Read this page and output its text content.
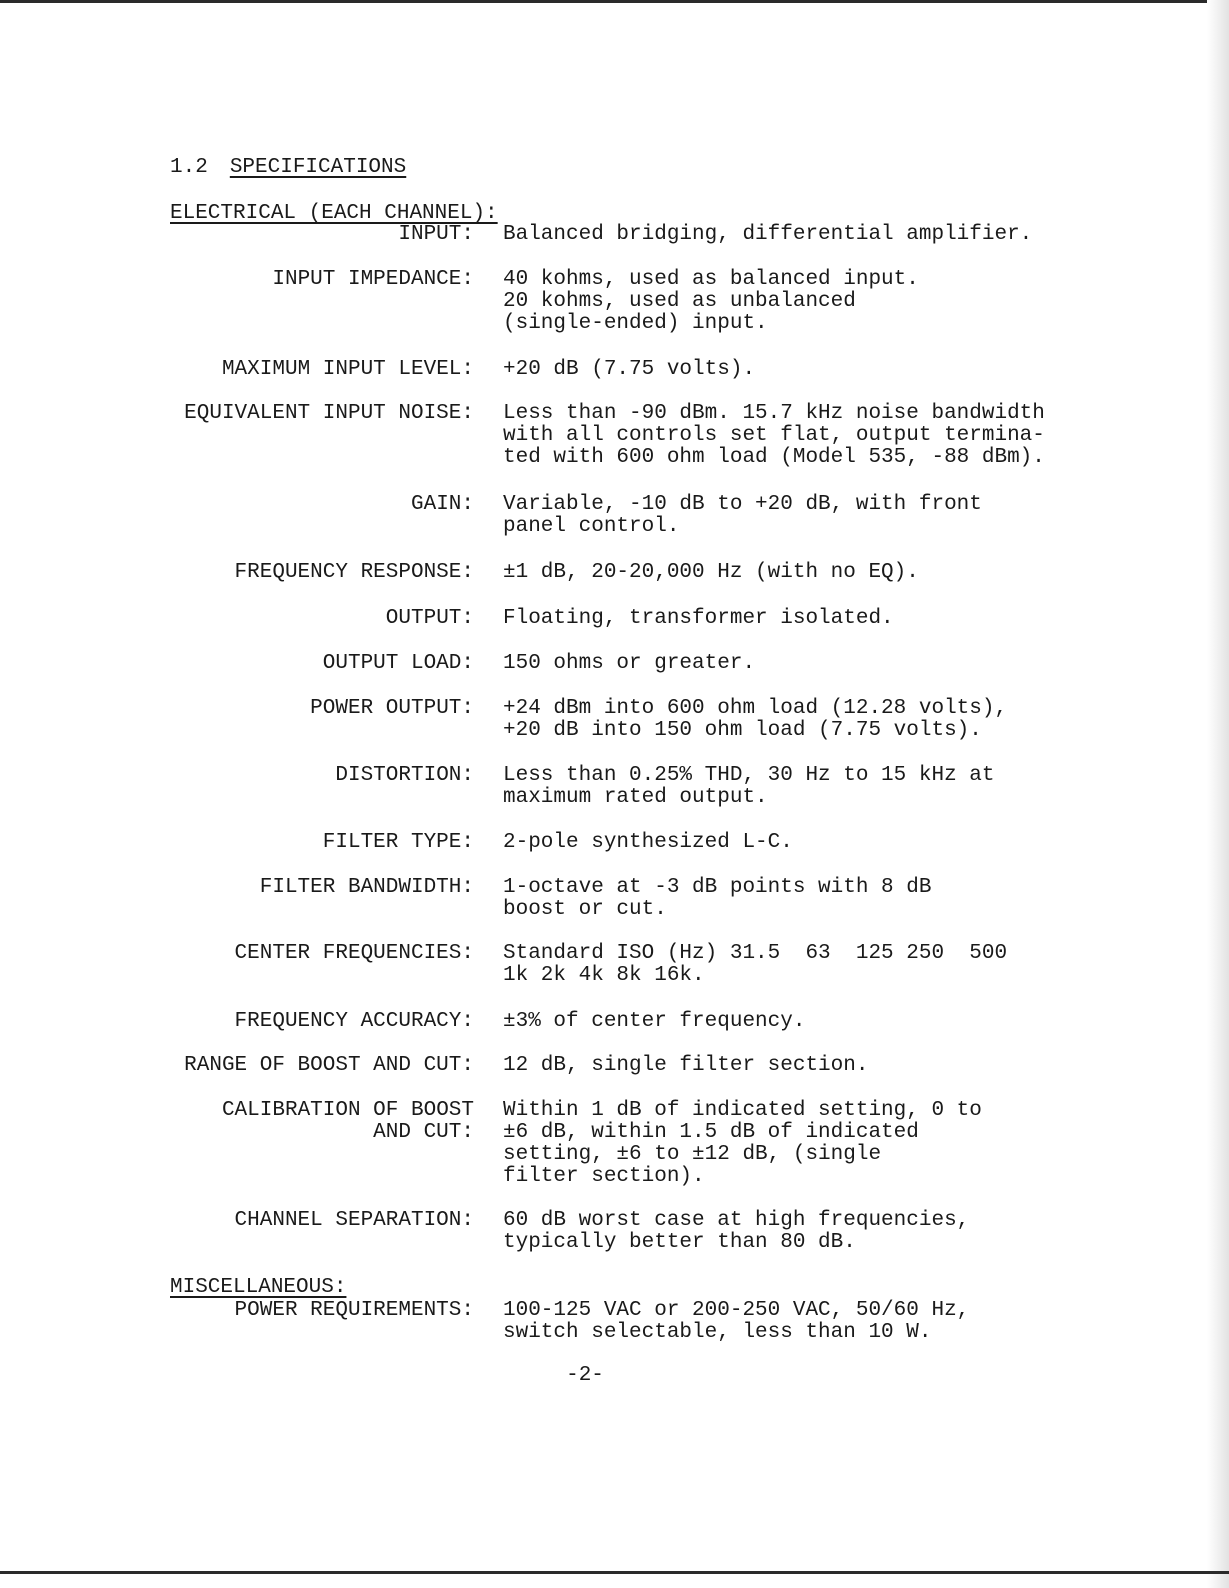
1.2 SPECIFICATIONS
ELECTRICAL (EACH CHANNEL):
MISCELLANEOUS:
INPUT: Balanced bridging, differential amplifier.
INPUT IMPEDANCE: 40 kohms, used as balanced input.
20 kohms, used as unbalanced
(single-ended) input.
MAXIMUM INPUT LEVEL: +20 dB (7.75 volts).
EQUIVALENT INPUT NOISE: Less than -90 dBm. 15.7 kHz noise bandwidth
with all controls set flat, output termina-
ted with 600 ohm load (Model 535, -88 dBm).
GAIN: Variable, -10 dB to +20 dB, with front
panel control.
FREQUENCY RESPONSE: ±1 dB, 20-20,000 Hz (with no EQ).
OUTPUT: Floating, transformer isolated.
OUTPUT LOAD: 150 ohms or greater.
POWER OUTPUT: +24 dBm into 600 ohm load (12.28 volts),
+20 dB into 150 ohm load (7.75 volts).
DISTORTION: Less than 0.25% THD, 30 Hz to 15 kHz at
maximum rated output.
FILTER TYPE: 2-pole synthesized L-C.
FILTER BANDWIDTH: 1-octave at -3 dB points with 8 dB
boost or cut.
CENTER FREQUENCIES: Standard ISO (Hz) 31.5  63  125 250  500
1k 2k 4k 8k 16k.
FREQUENCY ACCURACY: ±3% of center frequency.
RANGE OF BOOST AND CUT: 12 dB, single filter section.
CALIBRATION OF BOOST
AND CUT:
Within 1 dB of indicated setting, 0 to
±6 dB, within 1.5 dB of indicated
setting, ±6 to ±12 dB, (single
filter section).
CHANNEL SEPARATION: 60 dB worst case at high frequencies,
typically better than 80 dB.
POWER REQUIREMENTS: 100-125 VAC or 200-250 VAC, 50/60 Hz,
switch selectable, less than 10 W.
-2-
